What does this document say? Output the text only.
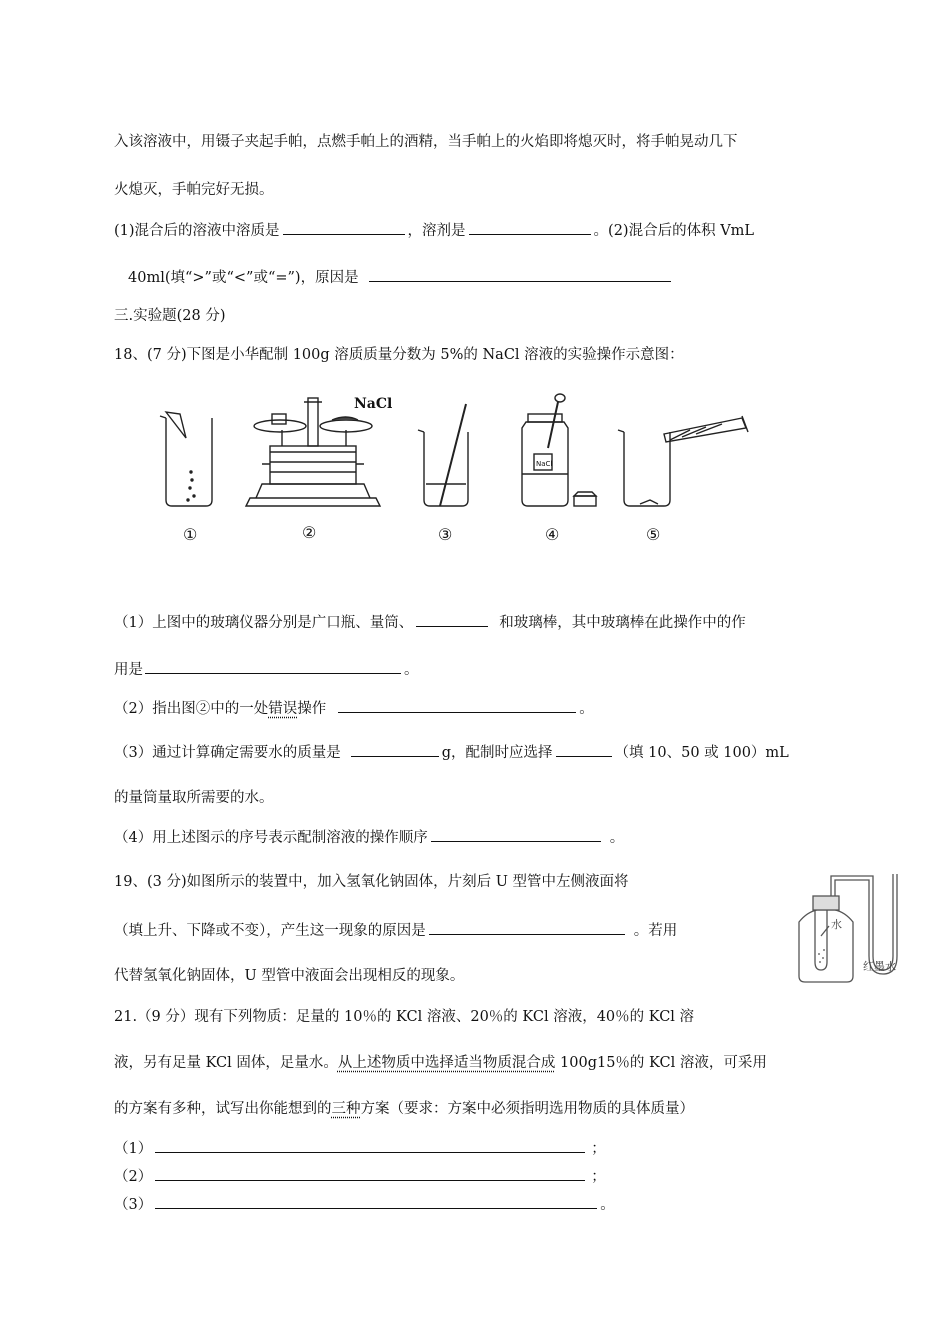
入该溶液中，用镊子夹起手帕，点燃手帕上的酒精，当手帕上的火焰即将熄灭时，将手帕晃动几下
火熄灭，手帕完好无损。
(1)混合后的溶液中溶质是	，溶剂是	。(2)混合后的体积 VmL
40ml(填“>”或“<”或“=”)，原因是
三.实验题(28 分)
18、(7 分)下图是小华配制 100g 溶质质量分数为 5%的 NaCl 溶液的实验操作示意图：
NaCl
NaCl
①	②	③	④	⑤
（1）上图中的玻璃仪器分别是广口瓶、量筒、	和玻璃棒，其中玻璃棒在此操作中的作
用是	。
（2）指出图②中的一处错误操作	。
（3）通过计算确定需要水的质量是	g，配制时应选择	（填 10、50 或 100）mL
的量筒量取所需要的水。
（4）用上述图示的序号表示配制溶液的操作顺序	。
19、(3 分)如图所示的装置中，加入氢氧化钠固体，片刻后 U 型管中左侧液面将
（填上升、下降或不变），产生这一现象的原因是	。若用
代替氢氧化钠固体，U 型管中液面会出现相反的现象。
水
红墨水
21.（9 分）现有下列物质：足量的 10％的 KCl 溶液、20％的 KCl 溶液，40％的 KCl 溶
液，另有足量 KCl 固体，足量水。从上述物质中选择适当物质混合成 100g15％的 KCl 溶液，可采用
的方案有多种，试写出你能想到的三种方案（要求：方案中必须指明选用物质的具体质量）
（1）	；
（2）	；
（3）	。
